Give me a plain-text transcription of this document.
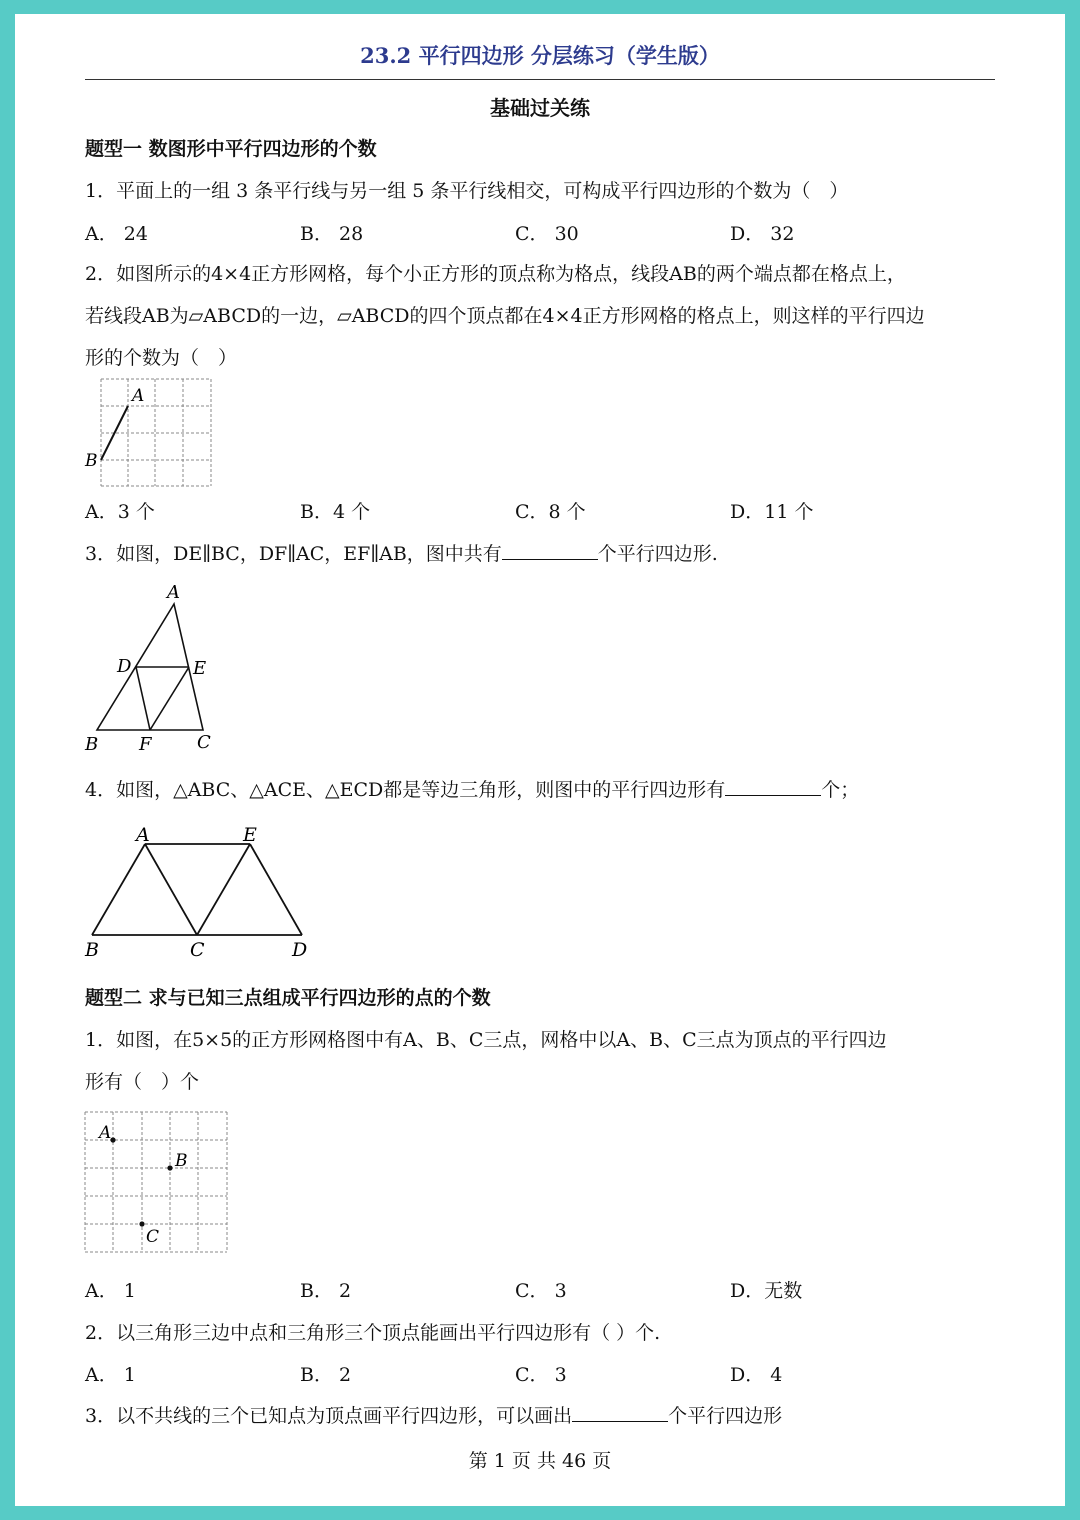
23.2 平行四边形 分层练习（学生版）
基础过关练
题型一 数图形中平行四边形的个数
1．平面上的一组 3 条平行线与另一组 5 条平行线相交，可构成平行四边形的个数为（　）
A． 24	B． 28	C． 30	D． 32
2．如图所示的4×4正方形网格，每个小正方形的顶点称为格点，线段AB的两个端点都在格点上，
若线段AB为▱ABCD的一边，▱ABCD的四个顶点都在4×4正方形网格的格点上，则这样的平行四边
形的个数为（　）
A
B
A．3 个	B．4 个	C．8 个	D．11 个
3．如图，DE∥BC，DF∥AC，EF∥AB，图中共有	个平行四边形.
A
D	E
B F	C
4．如图，△ABC、△ACE、△ECD都是等边三角形，则图中的平行四边形有	个；
A	E
B	C	D
题型二 求与已知三点组成平行四边形的点的个数
1．如图，在5×5的正方形网格图中有A、B、C三点，网格中以A、B、C三点为顶点的平行四边
形有（　）个
A
B
C
A． 1	B． 2	C． 3	D．无数
2．以三角形三边中点和三角形三个顶点能画出平行四边形有（ ）个.
A． 1	B． 2	C． 3	D． 4
3．以不共线的三个已知点为顶点画平行四边形，可以画出	个平行四边形
第 1 页 共 46 页
